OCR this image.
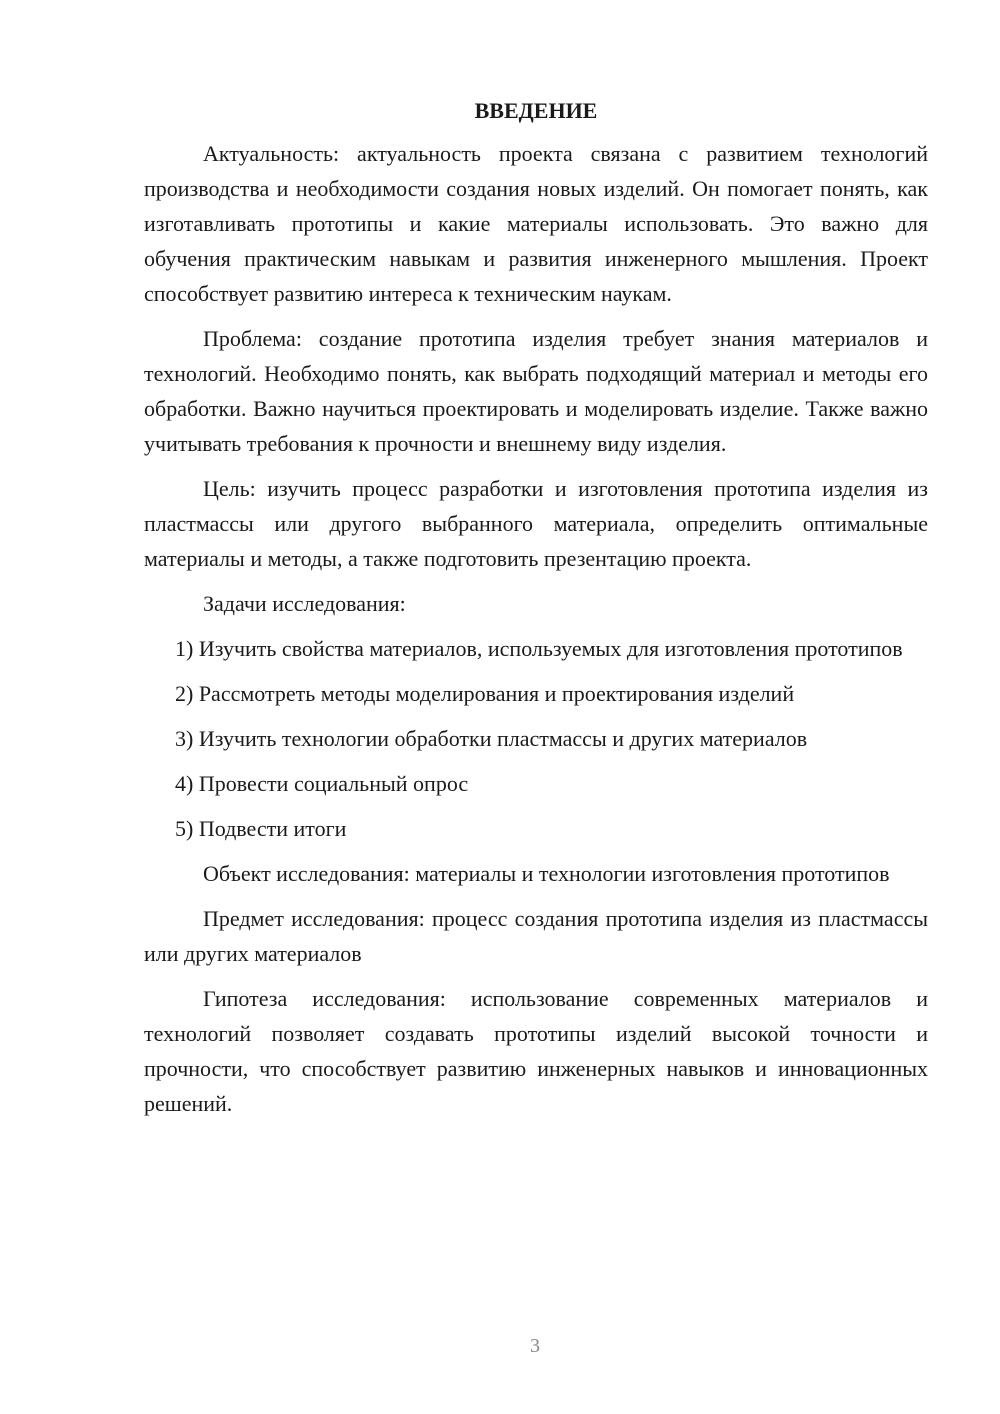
ВВЕДЕНИЕ

Актуальность: актуальность проекта связана с развитием технологий производства и необходимости создания новых изделий. Он помогает понять, как изготавливать прототипы и какие материалы использовать. Это важно для обучения практическим навыкам и развития инженерного мышления. Проект способствует развитию интереса к техническим наукам.

Проблема: создание прототипа изделия требует знания материалов и технологий. Необходимо понять, как выбрать подходящий материал и методы его обработки. Важно научиться проектировать и моделировать изделие. Также важно учитывать требования к прочности и внешнему виду изделия.

Цель: изучить процесс разработки и изготовления прототипа изделия из пластмассы или другого выбранного материала, определить оптимальные материалы и методы, а также подготовить презентацию проекта.

Задачи исследования:

1) Изучить свойства материалов, используемых для изготовления прототипов
2) Рассмотреть методы моделирования и проектирования изделий
3) Изучить технологии обработки пластмассы и других материалов
4) Провести социальный опрос
5) Подвести итоги

Объект исследования: материалы и технологии изготовления прототипов

Предмет исследования: процесс создания прототипа изделия из пластмассы или других материалов

Гипотеза исследования: использование современных материалов и технологий позволяет создавать прототипы изделий высокой точности и прочности, что способствует развитию инженерных навыков и инновационных решений.

3
